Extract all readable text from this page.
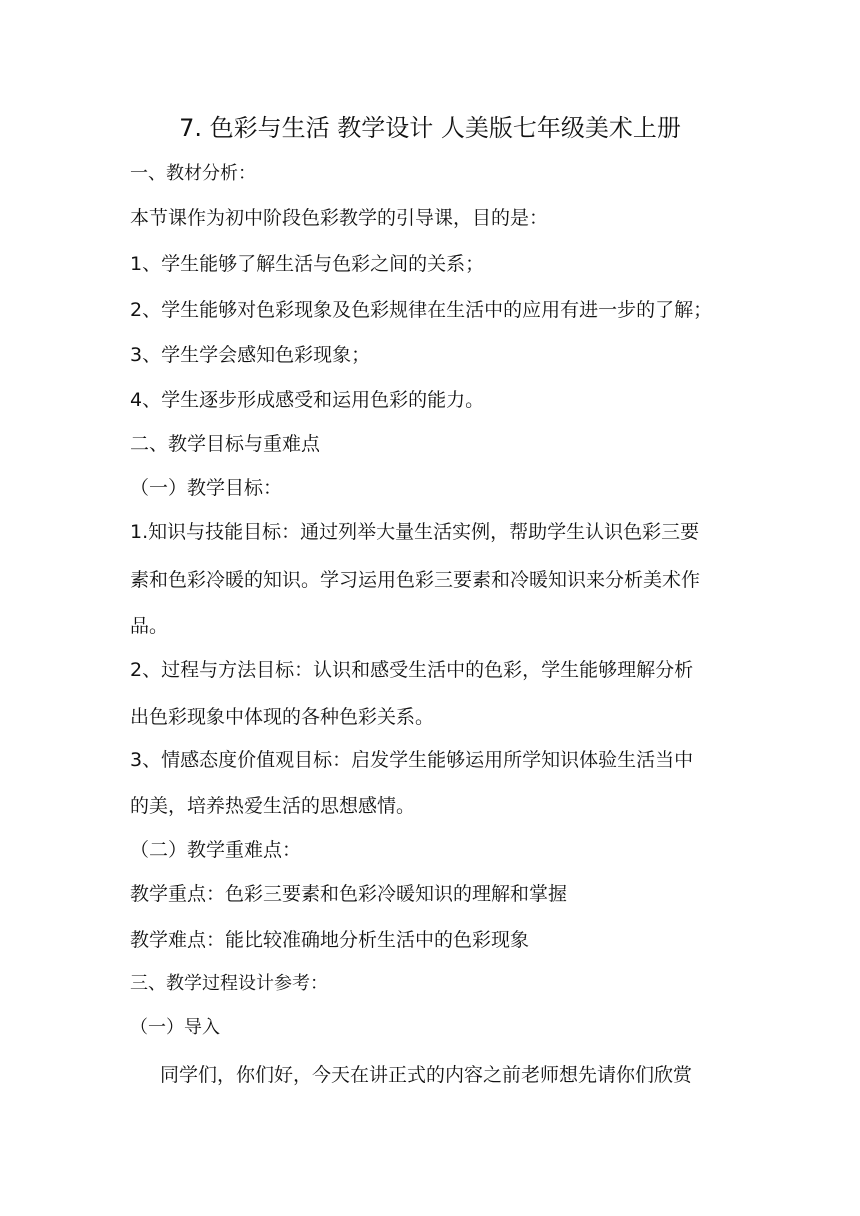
7. 色彩与生活 教学设计 人美版七年级美术上册
一、教材分析：
本节课作为初中阶段色彩教学的引导课，目的是：
1、学生能够了解生活与色彩之间的关系；
2、学生能够对色彩现象及色彩规律在生活中的应用有进一步的了解；
3、学生学会感知色彩现象；
4、学生逐步形成感受和运用色彩的能力。
二、教学目标与重难点
（一）教学目标：
1.知识与技能目标：通过列举大量生活实例，帮助学生认识色彩三要
素和色彩冷暖的知识。学习运用色彩三要素和冷暖知识来分析美术作
品。
2、过程与方法目标：认识和感受生活中的色彩，学生能够理解分析
出色彩现象中体现的各种色彩关系。
3、情感态度价值观目标：启发学生能够运用所学知识体验生活当中
的美，培养热爱生活的思想感情。
（二）教学重难点：
教学重点：色彩三要素和色彩冷暖知识的理解和掌握
教学难点：能比较准确地分析生活中的色彩现象
三、教学过程设计参考：
（一）导入
同学们，你们好，今天在讲正式的内容之前老师想先请你们欣赏
